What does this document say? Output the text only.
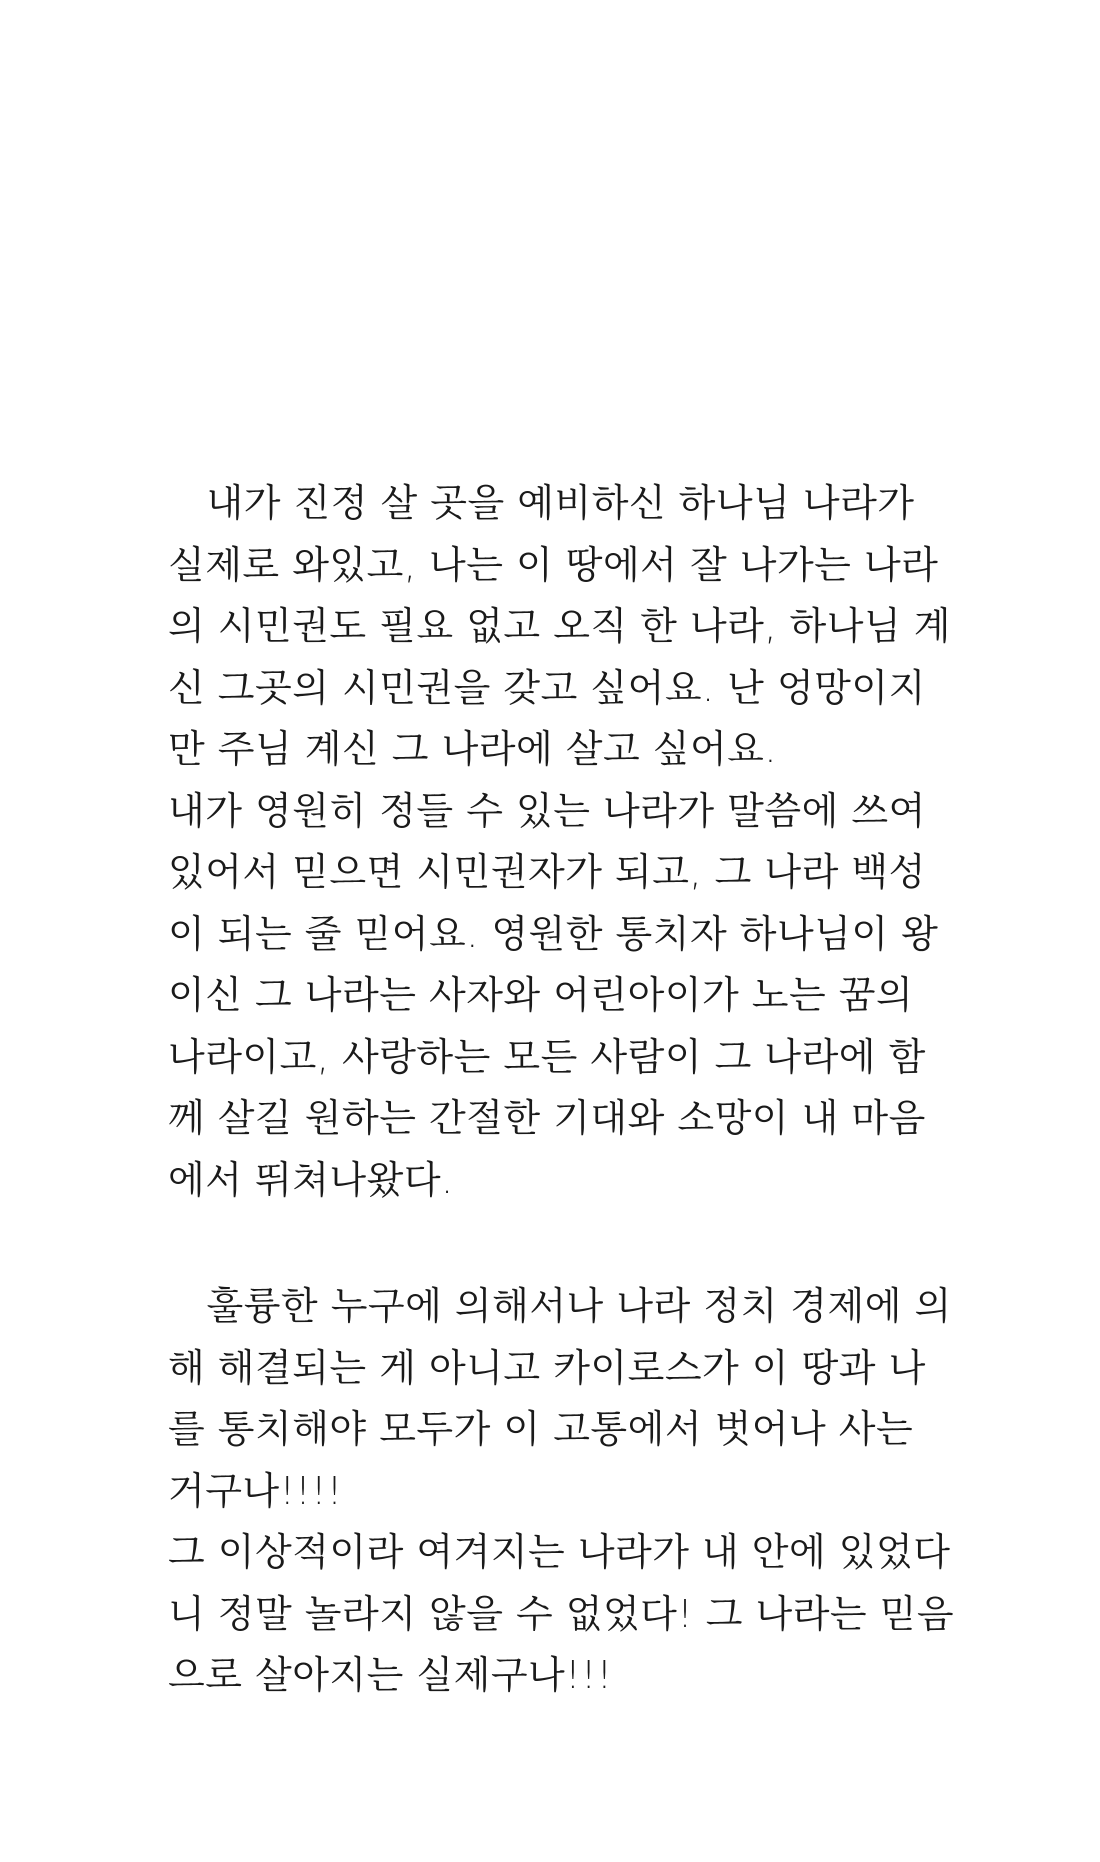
　내가 진정 살 곳을 예비하신 하나님 나라가
실제로 와있고, 나는 이 땅에서 잘 나가는 나라
의 시민권도 필요 없고 오직 한 나라, 하나님 계
신 그곳의 시민권을 갖고 싶어요. 난 엉망이지
만 주님 계신 그 나라에 살고 싶어요.
내가 영원히 정들 수 있는 나라가 말씀에 쓰여
있어서 믿으면 시민권자가 되고, 그 나라 백성
이 되는 줄 믿어요. 영원한 통치자 하나님이 왕
이신 그 나라는 사자와 어린아이가 노는 꿈의
나라이고, 사랑하는 모든 사람이 그 나라에 함
께 살길 원하는 간절한 기대와 소망이 내 마음
에서 뛰쳐나왔다.
　훌륭한 누구에 의해서나 나라 정치 경제에 의
해 해결되는 게 아니고 카이로스가 이 땅과 나
를 통치해야 모두가 이 고통에서 벗어나 사는
거구나!!!!
그 이상적이라 여겨지는 나라가 내 안에 있었다
니 정말 놀라지 않을 수 없었다! 그 나라는 믿음
으로 살아지는 실제구나!!!
